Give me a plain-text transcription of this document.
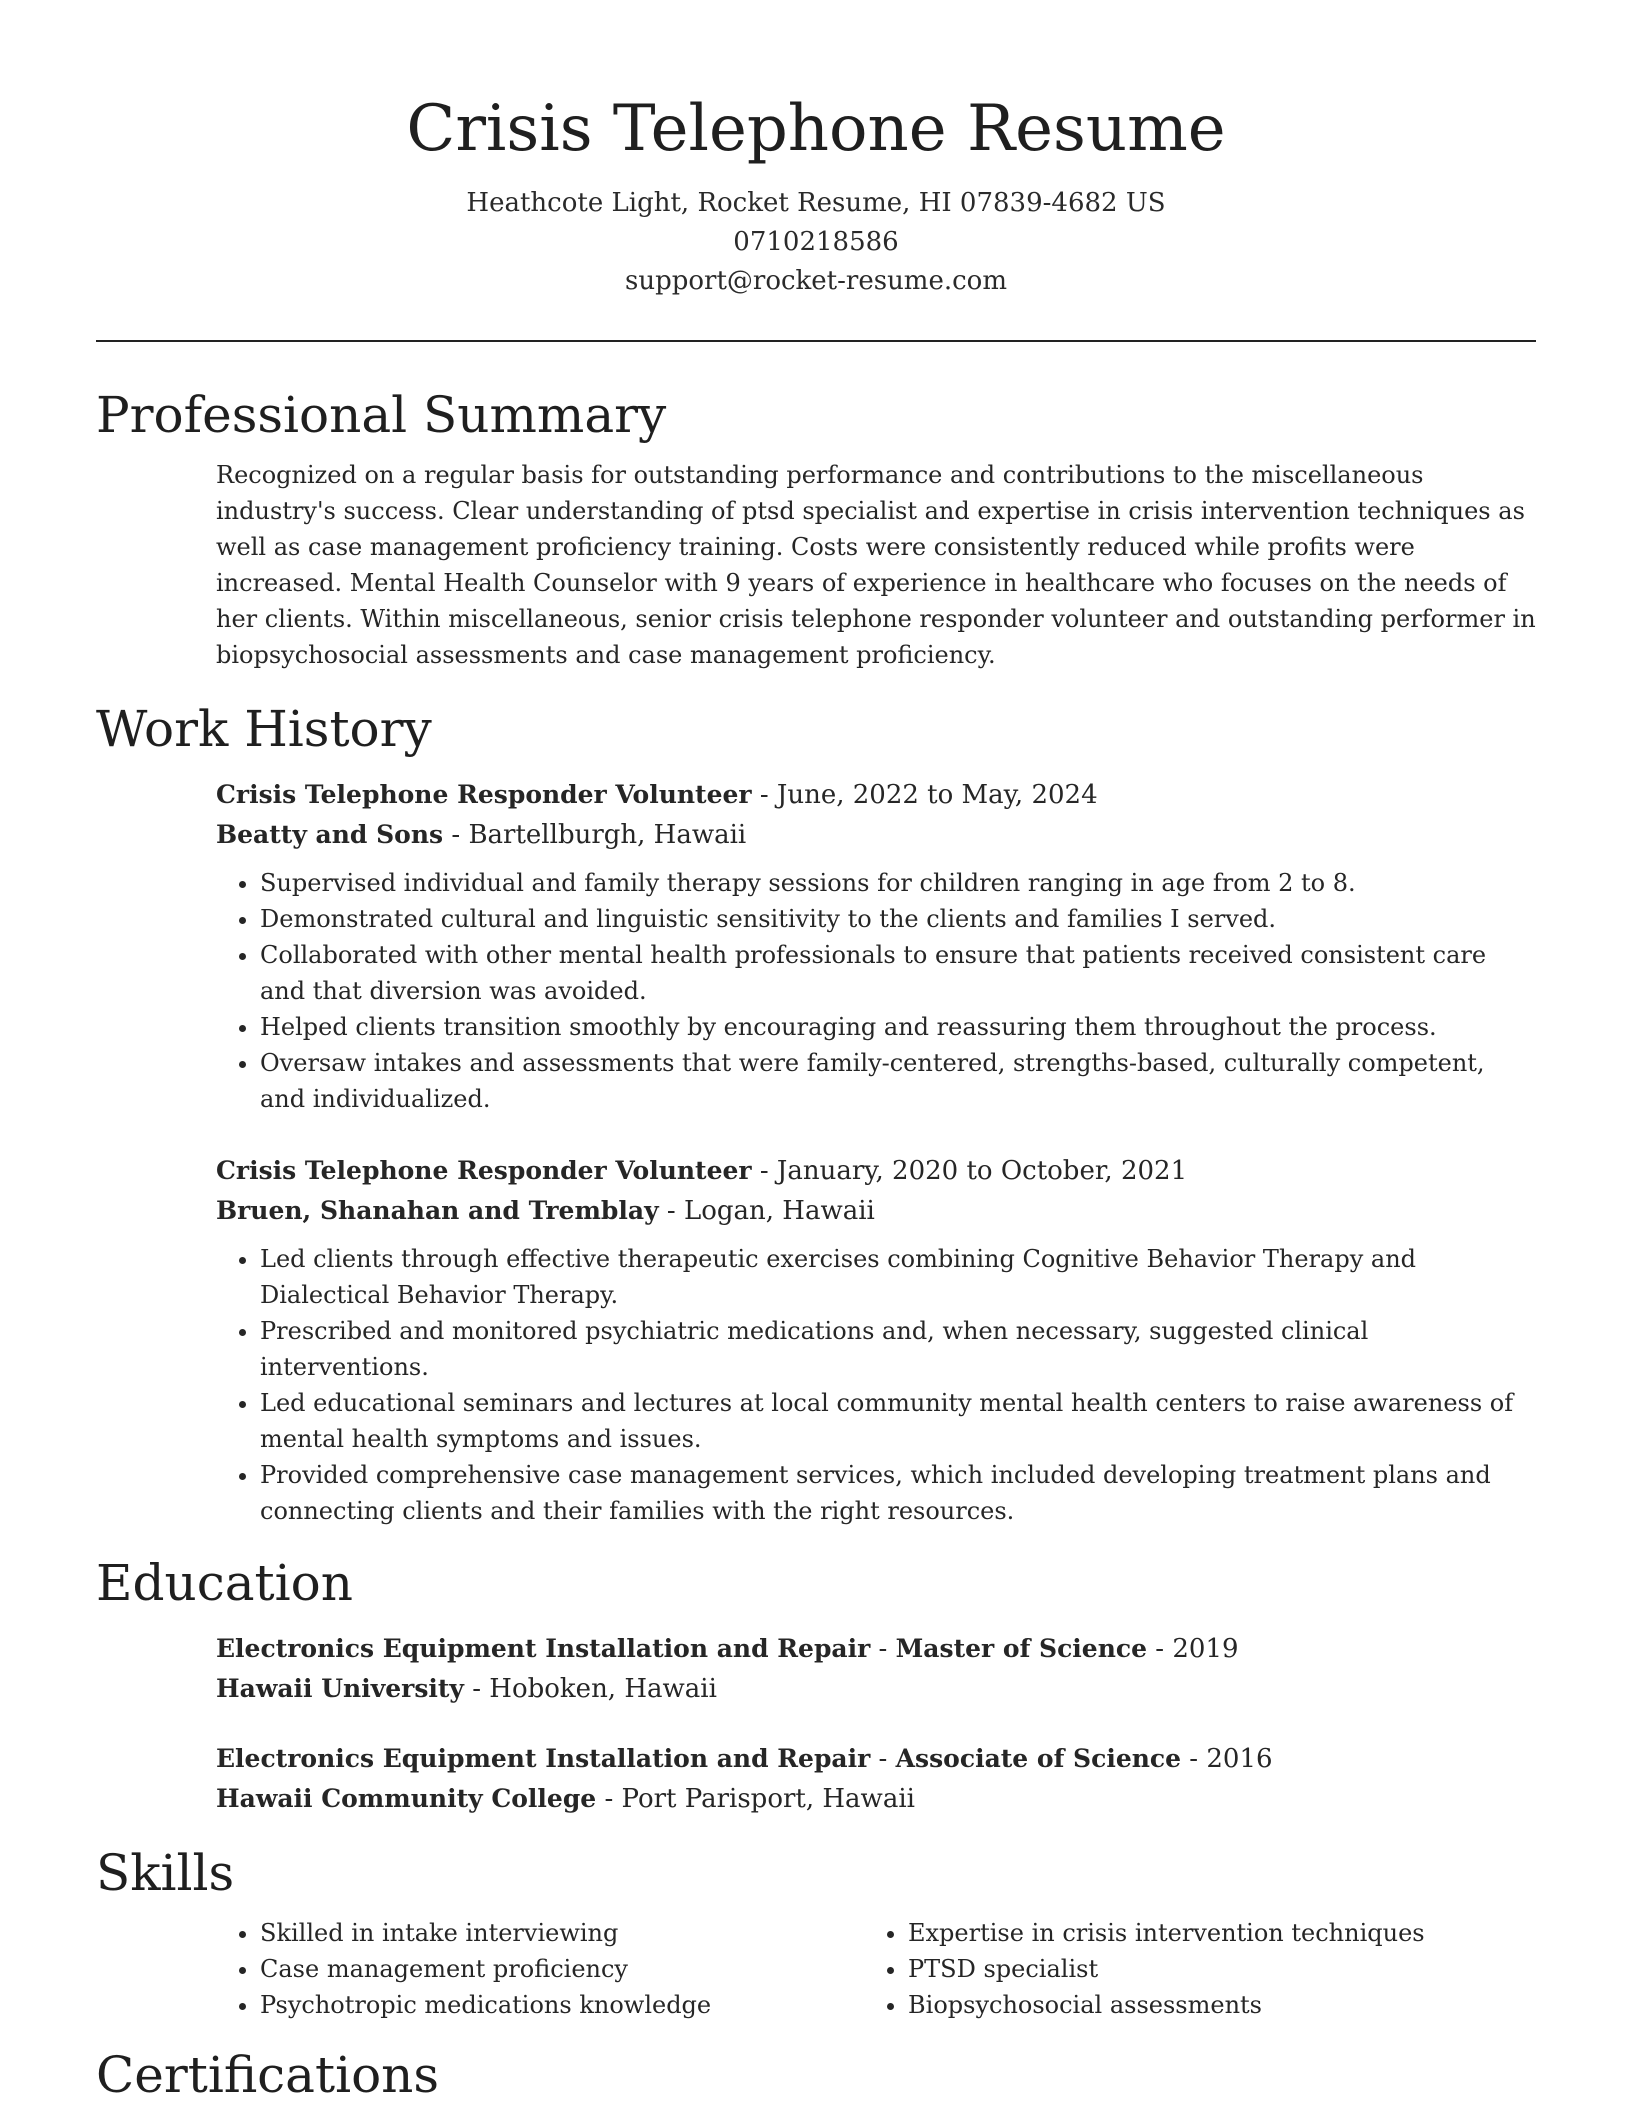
Crisis Telephone Resume
Heathcote Light, Rocket Resume, HI 07839-4682 US
0710218586
support@rocket-resume.com
Professional Summary
Recognized on a regular basis for outstanding performance and contributions to the miscellaneous industry's success. Clear understanding of ptsd specialist and expertise in crisis intervention techniques as well as case management proficiency training. Costs were consistently reduced while profits were increased. Mental Health Counselor with 9 years of experience in healthcare who focuses on the needs of her clients. Within miscellaneous, senior crisis telephone responder volunteer and outstanding performer in biopsychosocial assessments and case management proficiency.
Work History
Crisis Telephone Responder Volunteer - June, 2022 to May, 2024
Beatty and Sons - Bartellburgh, Hawaii
• Supervised individual and family therapy sessions for children ranging in age from 2 to 8.
• Demonstrated cultural and linguistic sensitivity to the clients and families I served.
• Collaborated with other mental health professionals to ensure that patients received consistent care and that diversion was avoided.
• Helped clients transition smoothly by encouraging and reassuring them throughout the process.
• Oversaw intakes and assessments that were family-centered, strengths-based, culturally competent, and individualized.
Crisis Telephone Responder Volunteer - January, 2020 to October, 2021
Bruen, Shanahan and Tremblay - Logan, Hawaii
• Led clients through effective therapeutic exercises combining Cognitive Behavior Therapy and Dialectical Behavior Therapy.
• Prescribed and monitored psychiatric medications and, when necessary, suggested clinical interventions.
• Led educational seminars and lectures at local community mental health centers to raise awareness of mental health symptoms and issues.
• Provided comprehensive case management services, which included developing treatment plans and connecting clients and their families with the right resources.
Education
Electronics Equipment Installation and Repair - Master of Science - 2019
Hawaii University - Hoboken, Hawaii
Electronics Equipment Installation and Repair - Associate of Science - 2016
Hawaii Community College - Port Parisport, Hawaii
Skills
• Skilled in intake interviewing
• Case management proficiency
• Psychotropic medications knowledge
• Expertise in crisis intervention techniques
• PTSD specialist
• Biopsychosocial assessments
Certifications
